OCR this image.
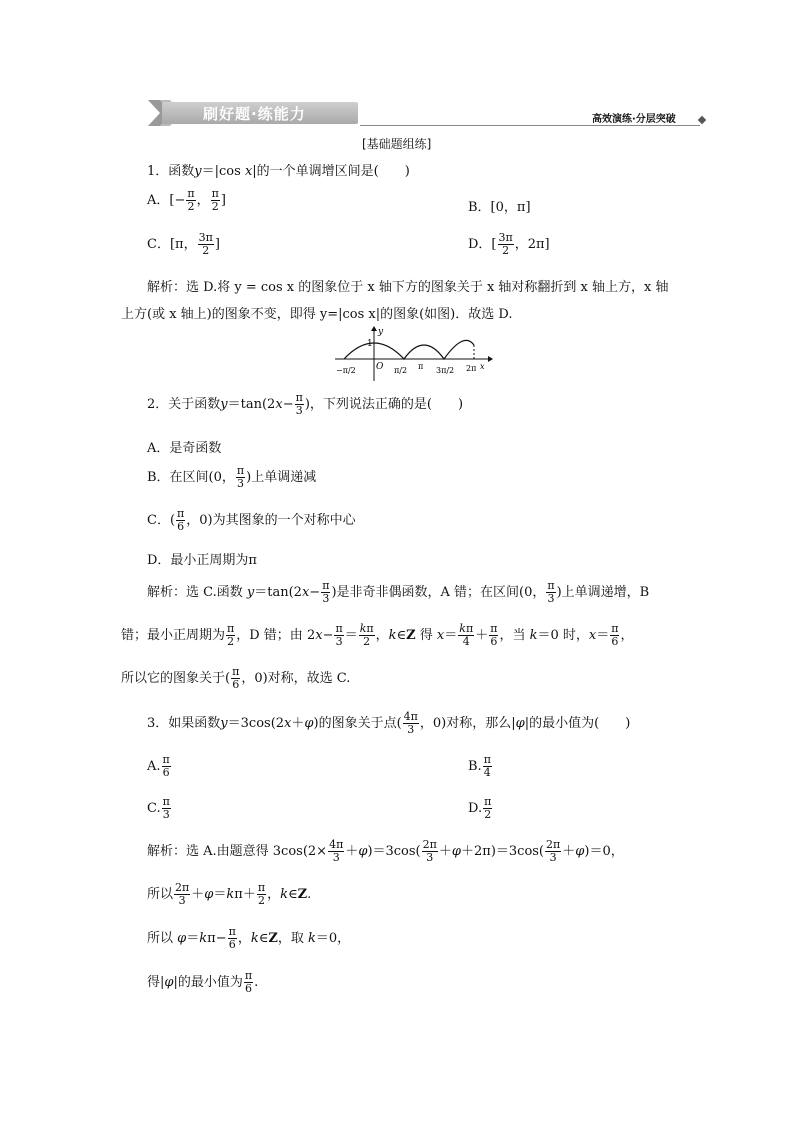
刷好题·练能力	高效演练·分层突破
[基础题组练]
1．函数y＝|cos x|的一个单调增区间是(　　)
A．[− $\frac{\pi}{2}$ ， $\frac{\pi}{2}$ ]	B．[0，π]
C．[π， $\frac{3\pi}{2}$ ]	D．[ $\frac{3\pi}{2}$ ，2π]
解析：选 D.将 y = cos x 的图象位于 x 轴下方的图象关于 x 轴对称翻折到 x 轴上方，x 轴
上方(或 x 轴上)的图象不变，即得 y=|cos x|的图象(如图)．故选 D.
y
1
O
−π/2	π/2 π 3π/2 2π x
2．关于函数$y=\tan(2x- \frac{\pi}{3}$ )，下列说法正确的是(　　)
A．是奇函数
B．在区间(0， $\frac{\pi}{3}$ )上单调递减
C．( $\frac{\pi}{6}$ ，0)为其图象的一个对称中心
D．最小正周期为π
解析：选 C.函数 $y=\tan(2x- \frac{\pi}{3}$ )是非奇非偶函数，A 错；在区间(0， $\frac{\pi}{3}$ )上单调递增，B
错；最小正周期为 $\frac{\pi}{2}$ ，D 错；由 $2x- \frac{\pi}{3} = \frac{k\pi}{2}$ ，k∈Z 得 $x= \frac{k\pi}{4} + \frac{\pi}{6}$ ，当 k＝0 时，$x= \frac{\pi}{6}$ ，
所以它的图象关于( $\frac{\pi}{6}$ ，0)对称，故选 C.
3．如果函数y＝3cos(2x＋φ)的图象关于点( $\frac{4\pi}{3}$ ，0)对称，那么|φ|的最小值为(　　)
A. $\frac{\pi}{6}$	B. $\frac{\pi}{4}$
C. $\frac{\pi}{3}$	D. $\frac{\pi}{2}$
解析：选 A.由题意得 $3\cos(2\times \frac{4\pi}{3} +\varphi)=3\cos( \frac{2\pi}{3} +\varphi+2\pi)=3\cos( \frac{2\pi}{3} +\varphi)=0$，
所以 $\frac{2\pi}{3} +\varphi=k\pi+ \frac{\pi}{2}$ ，k∈Z.
所以 $\varphi=k\pi- \frac{\pi}{6}$ ，k∈Z，取 k＝0，
得|φ|的最小值为 $\frac{\pi}{6}$ .
